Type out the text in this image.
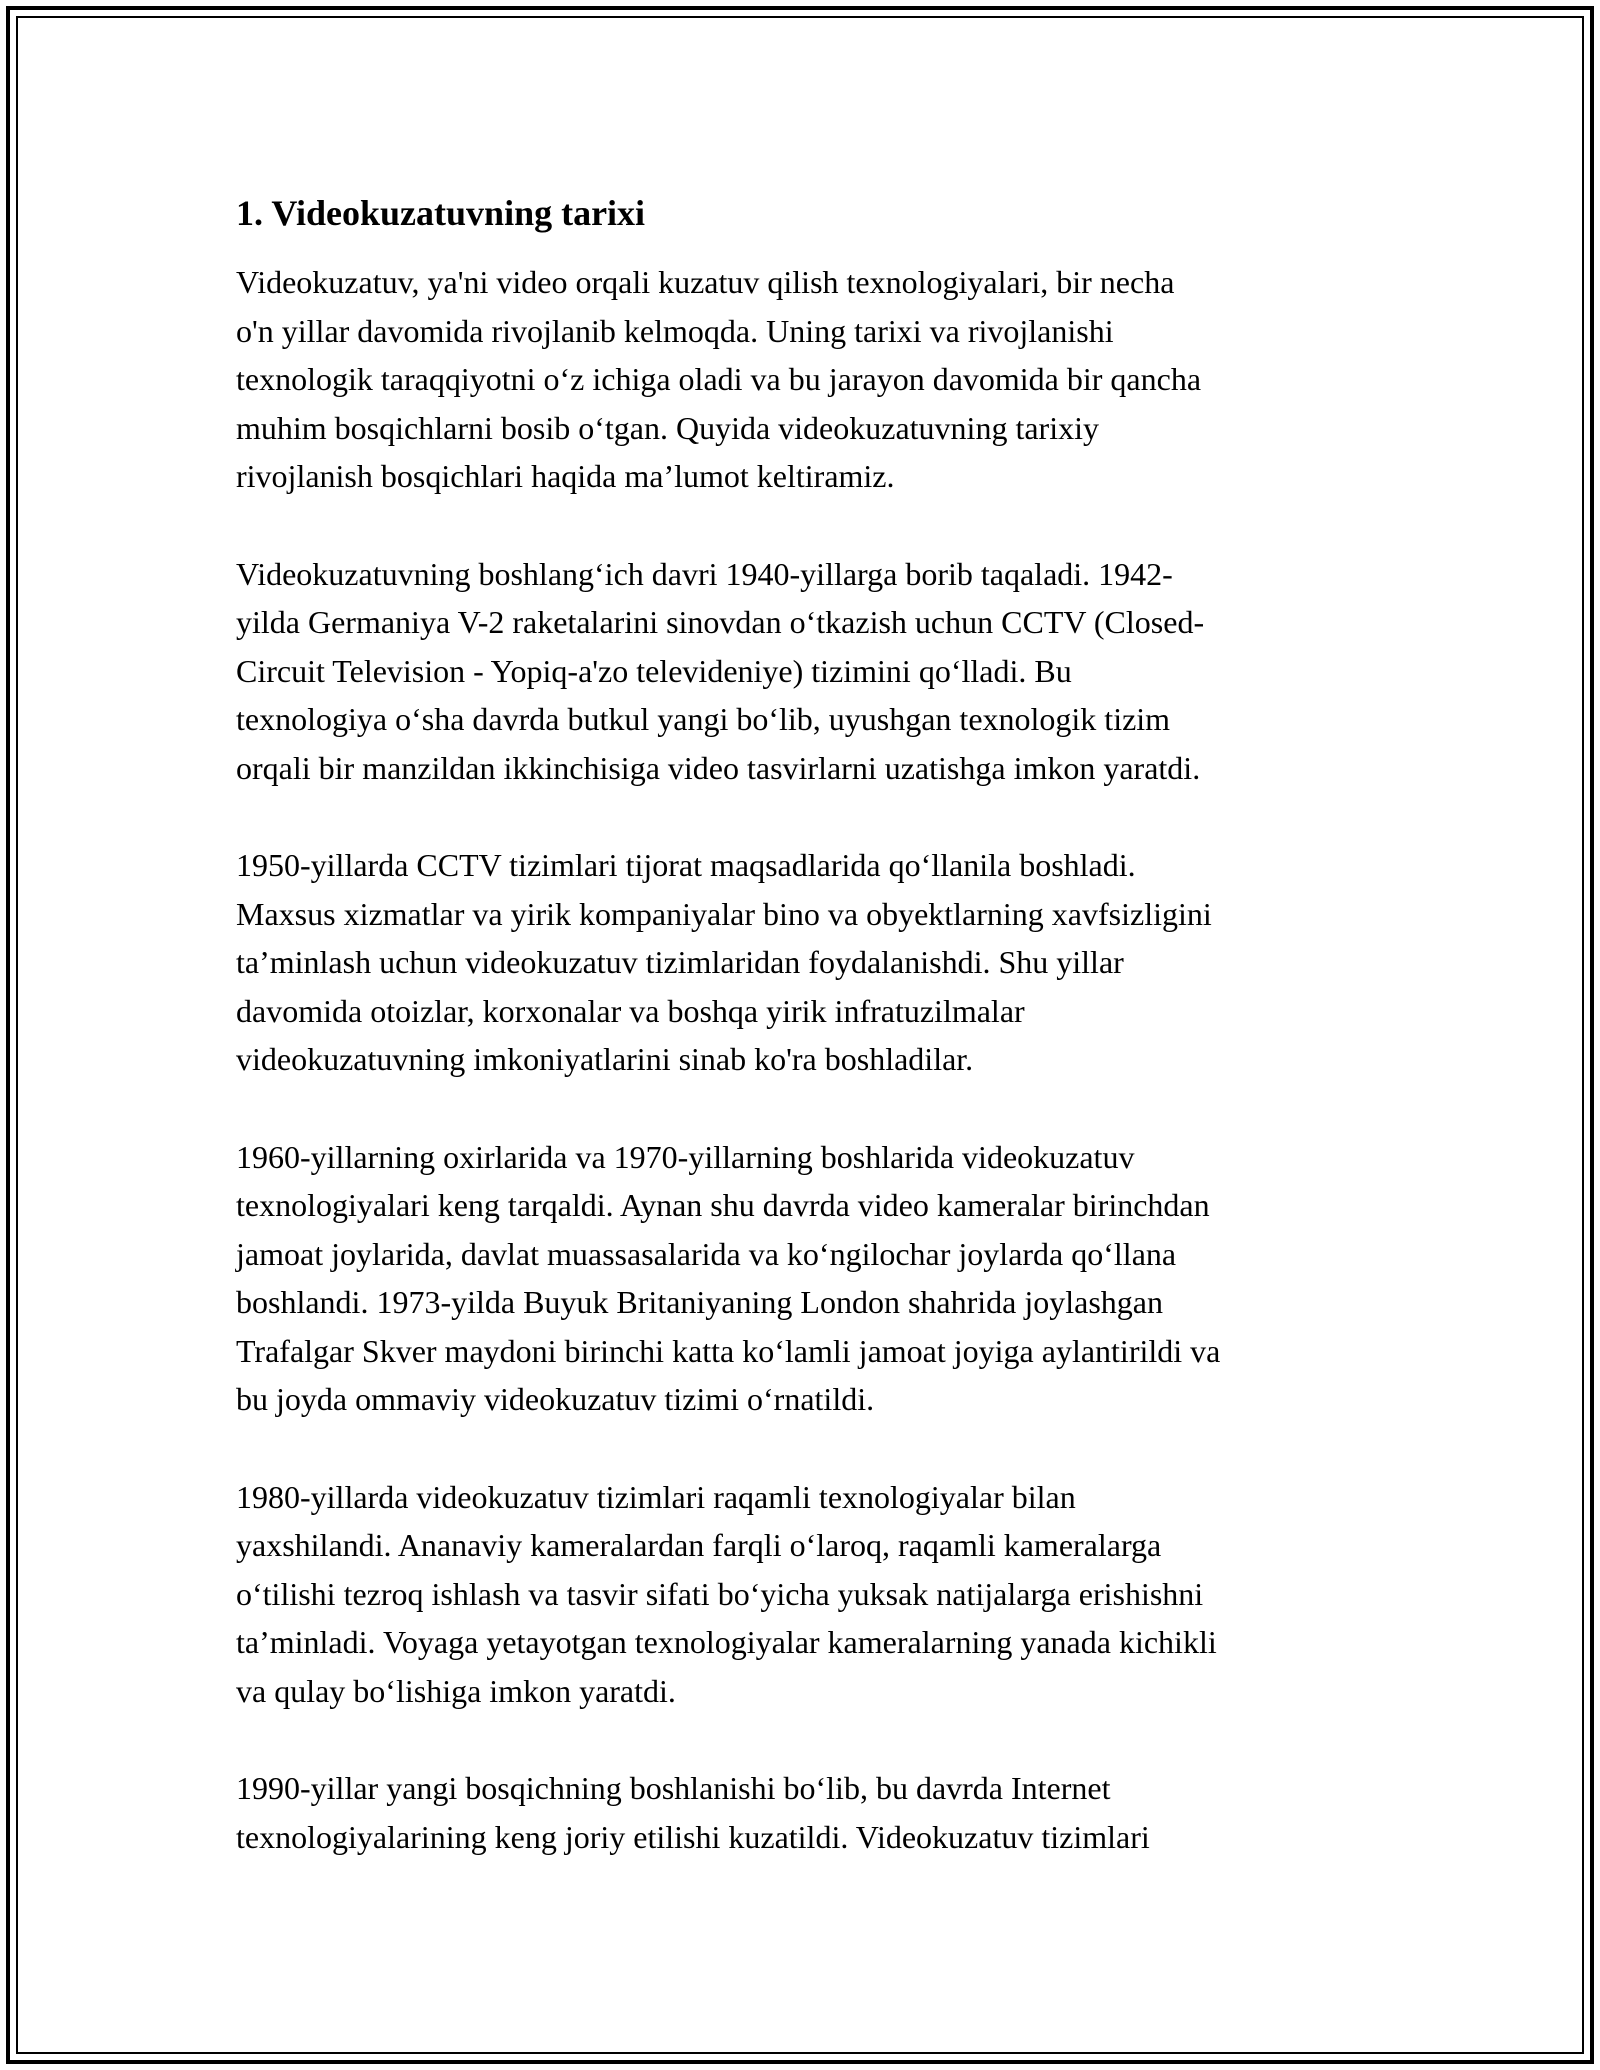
1. Videokuzatuvning tarixi
Videokuzatuv, ya'ni video orqali kuzatuv qilish texnologiyalari, bir necha
o'n yillar davomida rivojlanib kelmoqda. Uning tarixi va rivojlanishi
texnologik taraqqiyotni oʻz ichiga oladi va bu jarayon davomida bir qancha
muhim bosqichlarni bosib oʻtgan. Quyida videokuzatuvning tarixiy
rivojlanish bosqichlari haqida ma’lumot keltiramiz.
Videokuzatuvning boshlangʻich davri 1940-yillarga borib taqaladi. 1942-
yilda Germaniya V-2 raketalarini sinovdan oʻtkazish uchun CCTV (Closed-
Circuit Television - Yopiq-a'zo televideniye) tizimini qoʻlladi. Bu
texnologiya oʻsha davrda butkul yangi boʻlib, uyushgan texnologik tizim
orqali bir manzildan ikkinchisiga video tasvirlarni uzatishga imkon yaratdi.
1950-yillarda CCTV tizimlari tijorat maqsadlarida qoʻllanila boshladi.
Maxsus xizmatlar va yirik kompaniyalar bino va obyektlarning xavfsizligini
ta’minlash uchun videokuzatuv tizimlaridan foydalanishdi. Shu yillar
davomida otoizlar, korxonalar va boshqa yirik infratuzilmalar
videokuzatuvning imkoniyatlarini sinab ko'ra boshladilar.
1960-yillarning oxirlarida va 1970-yillarning boshlarida videokuzatuv
texnologiyalari keng tarqaldi. Aynan shu davrda video kameralar birinchdan
jamoat joylarida, davlat muassasalarida va koʻngilochar joylarda qoʻllana
boshlandi. 1973-yilda Buyuk Britaniyaning London shahrida joylashgan
Trafalgar Skver maydoni birinchi katta koʻlamli jamoat joyiga aylantirildi va
bu joyda ommaviy videokuzatuv tizimi oʻrnatildi.
1980-yillarda videokuzatuv tizimlari raqamli texnologiyalar bilan
yaxshilandi. Ananaviy kameralardan farqli oʻlaroq, raqamli kameralarga
oʻtilishi tezroq ishlash va tasvir sifati boʻyicha yuksak natijalarga erishishni
ta’minladi. Voyaga yetayotgan texnologiyalar kameralarning yanada kichikli
va qulay boʻlishiga imkon yaratdi.
1990-yillar yangi bosqichning boshlanishi boʻlib, bu davrda Internet
texnologiyalarining keng joriy etilishi kuzatildi. Videokuzatuv tizimlari
